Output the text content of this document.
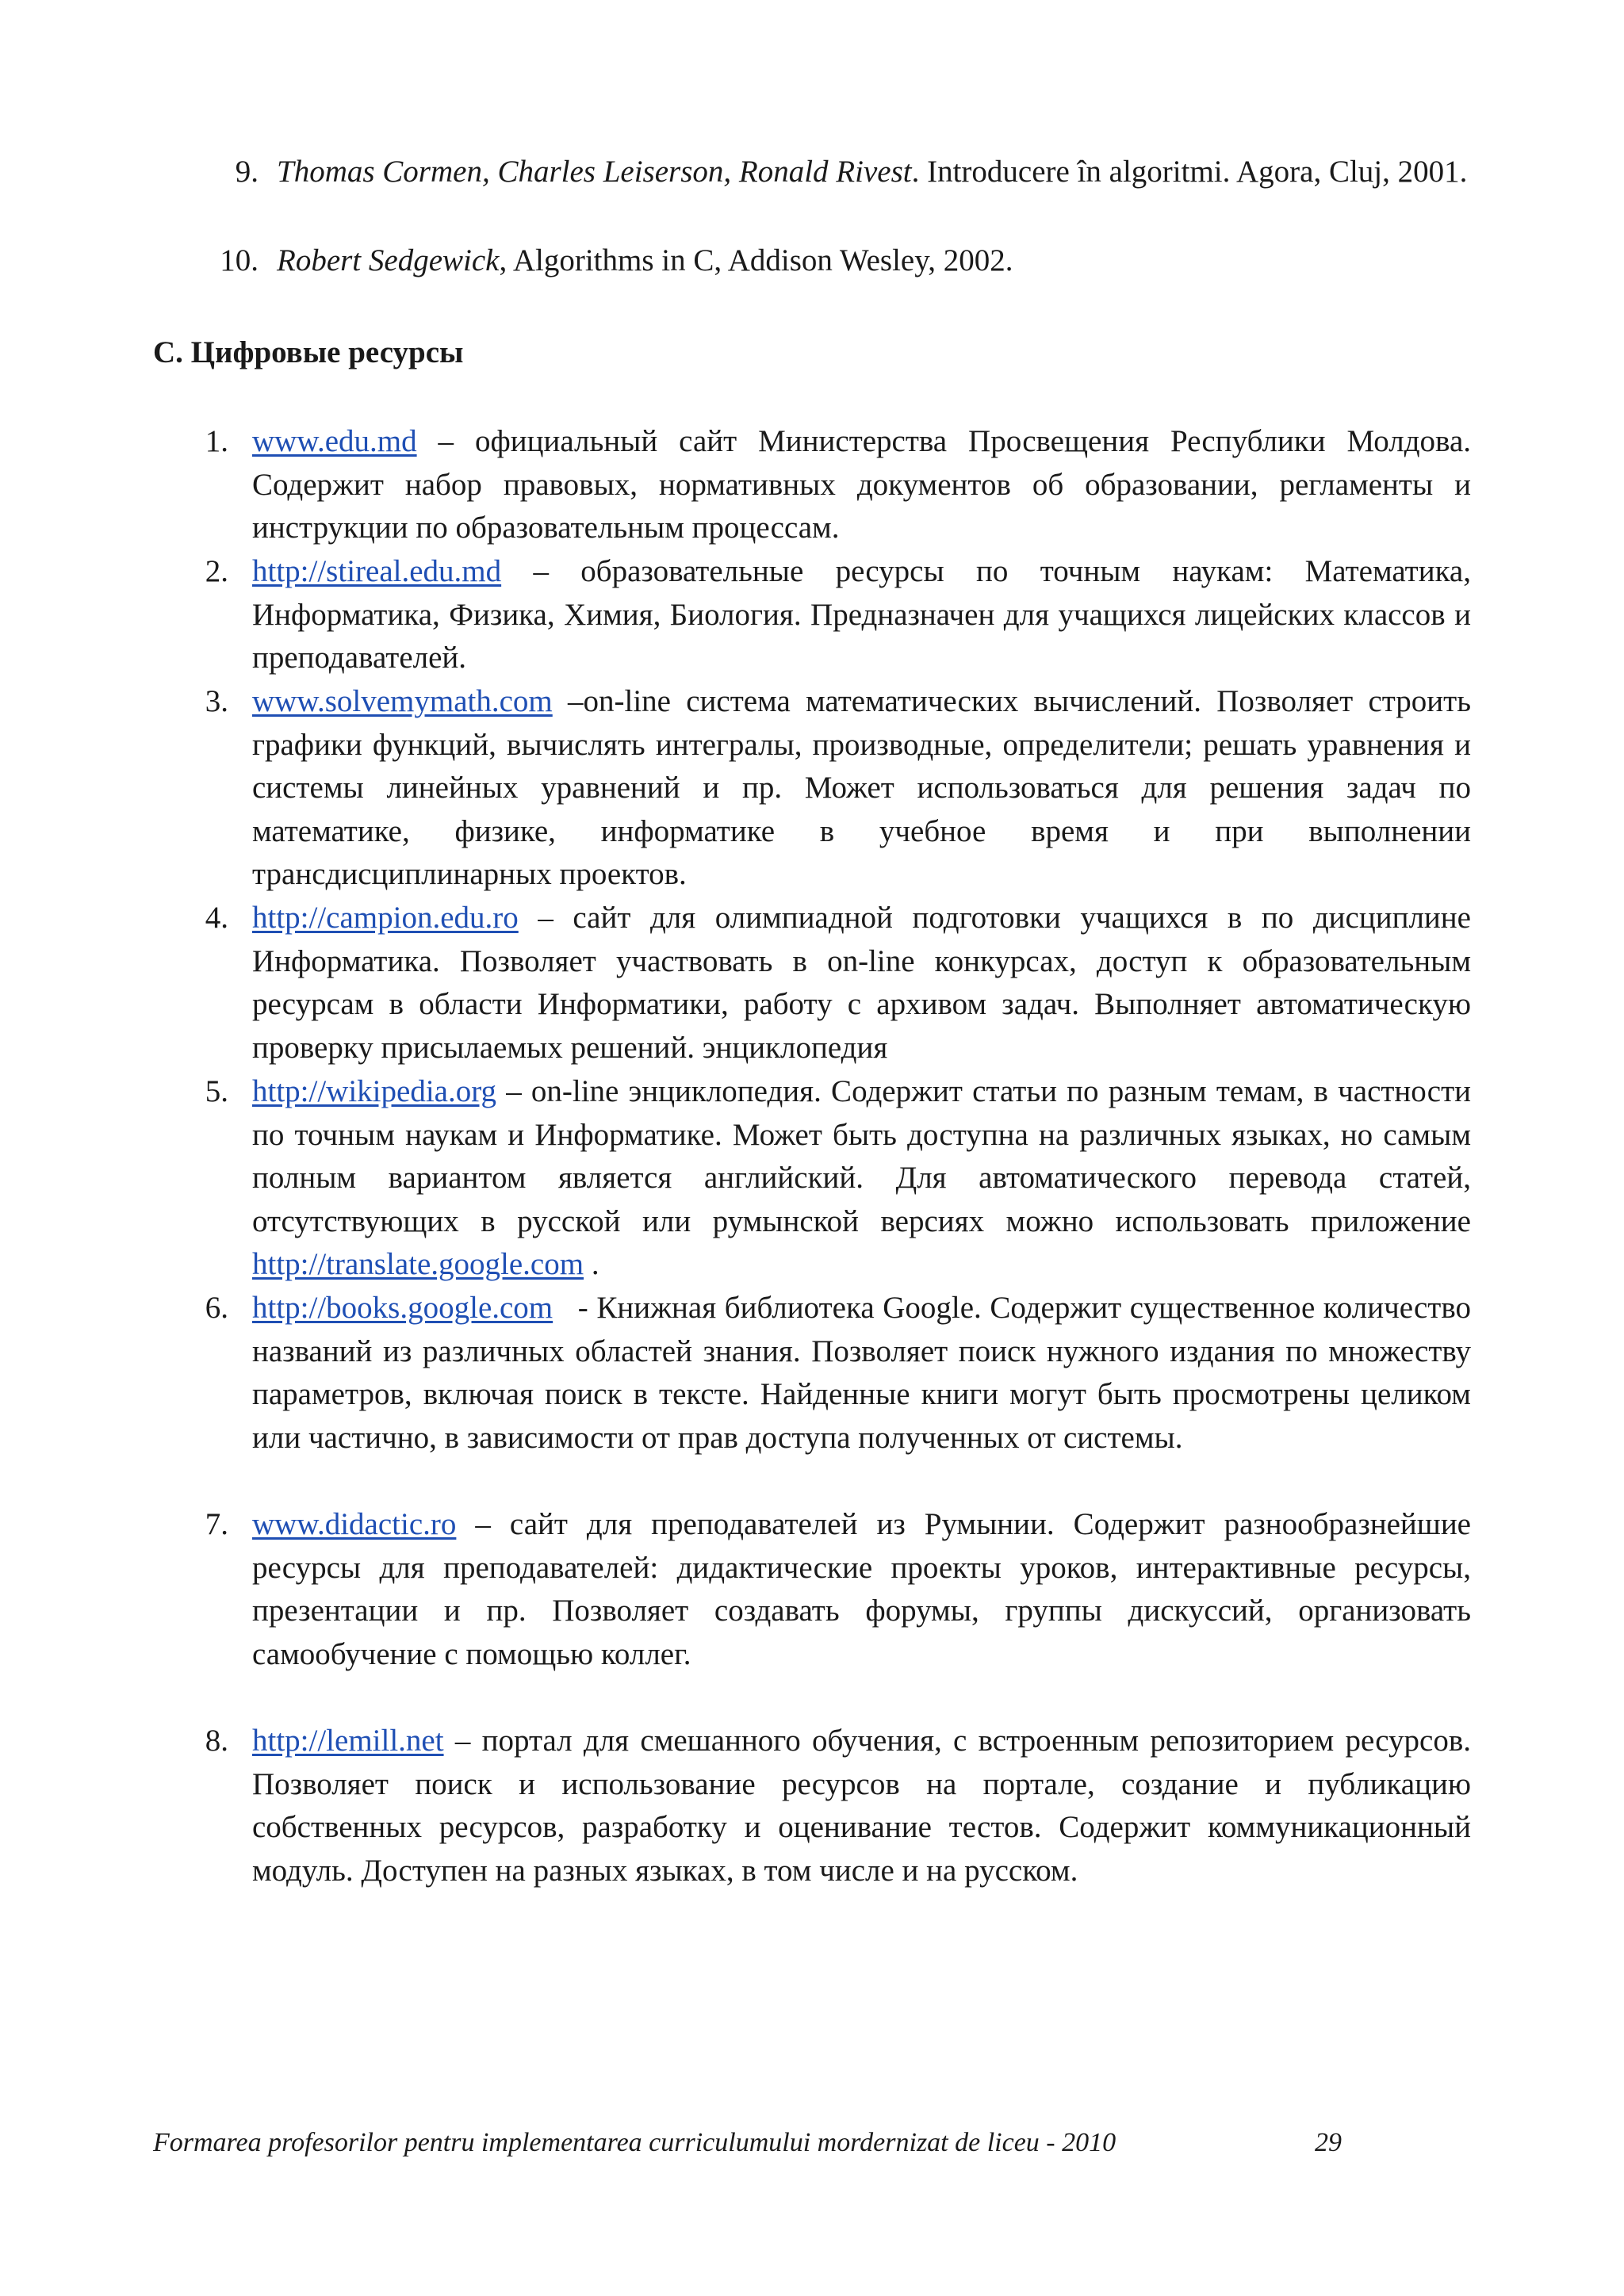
9. Thomas Cormen, Charles Leiserson, Ronald Rivest. Introducere în algoritmi. Agora, Cluj, 2001.

10. Robert Sedgewick, Algorithms in C, Addison Wesley, 2002.

C. Цифровые ресурсы
1. www.edu.md – официальный сайт Министерства Просвещения Республики Молдова. Содержит набор правовых, нормативных документов об образовании, регламенты и инструкции по образовательным процессам.

2. http://stireal.edu.md – образовательные ресурсы по точным наукам: Математика, Информатика, Физика, Химия, Биология. Предназначен для учащихся лицейских классов и преподавателей.

3. www.solvemymath.com –on-line система математических вычислений. Позволяет строить графики функций, вычислять интегралы, производные, определители; решать уравнения и системы линейных уравнений и пр. Может использоваться для решения задач по математике, физике, информатике в учебное время и при выполнении трансдисциплинарных проектов.

4. http://campion.edu.ro – сайт для олимпиадной подготовки учащихся в по дисциплине Информатика. Позволяет участвовать в on-line конкурсах, доступ к образовательным ресурсам в области Информатики, работу с архивом задач. Выполняет автоматическую проверку присылаемых решений. энциклопедия

5. http://wikipedia.org – on-line энциклопедия. Содержит статьи по разным темам, в частности по точным наукам и Информатике. Может быть доступна на различных языках, но самым полным вариантом является английский. Для автоматического перевода статей, отсутствующих в русской или румынской версиях можно использовать приложение http://translate.google.com .

6. http://books.google.com   - Книжная библиотека Google. Содержит существенное количество названий из различных областей знания. Позволяет поиск нужного издания по множеству параметров, включая поиск в тексте. Найденные книги могут быть просмотрены целиком или частично, в зависимости от прав доступа полученных от системы.

7. www.didactic.ro – сайт для преподавателей из Румынии. Содержит разнообразнейшие ресурсы для преподавателей: дидактические проекты уроков, интерактивные ресурсы, презентации и пр. Позволяет создавать форумы, группы дискуссий, организовать самообучение с помощью коллег.

8. http://lemill.net – портал для смешанного обучения, с встроенным репозиторием ресурсов. Позволяет поиск и использование ресурсов на портале, создание и публикацию собственных ресурсов, разработку и оценивание тестов. Содержит коммуникационный модуль. Доступен на разных языках, в том числе и на русском.

Formarea profesorilor pentru implementarea curriculumului mordernizat de liceu - 2010	29
